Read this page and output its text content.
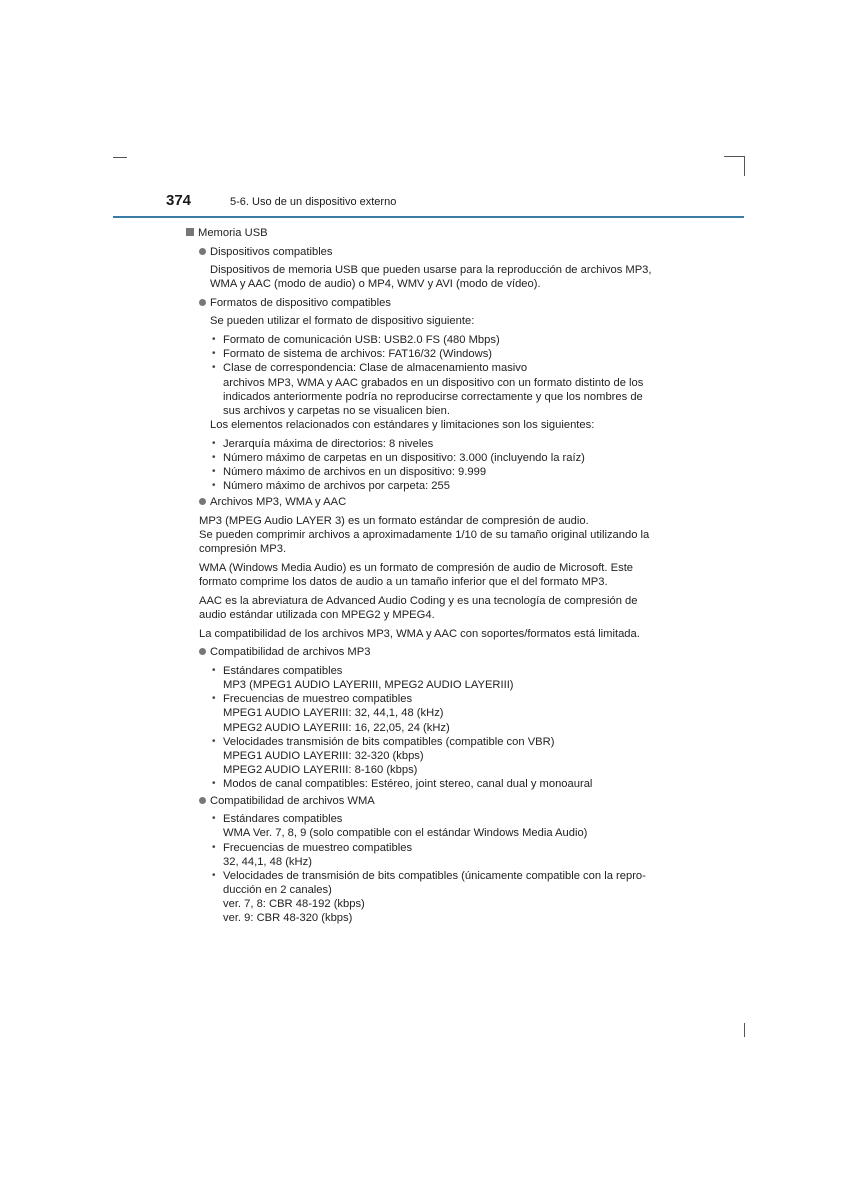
374	5-6. Uso de un dispositivo externo
Memoria USB
Dispositivos compatibles
Dispositivos de memoria USB que pueden usarse para la reproducción de archivos MP3,
WMA y AAC (modo de audio) o MP4, WMV y AVI (modo de vídeo).
Formatos de dispositivo compatibles
Se pueden utilizar el formato de dispositivo siguiente:
• Formato de comunicación USB: USB2.0 FS (480 Mbps)
• Formato de sistema de archivos: FAT16/32 (Windows)
• Clase de correspondencia: Clase de almacenamiento masivo
archivos MP3, WMA y AAC grabados en un dispositivo con un formato distinto de los
indicados anteriormente podría no reproducirse correctamente y que los nombres de
sus archivos y carpetas no se visualicen bien.
Los elementos relacionados con estándares y limitaciones son los siguientes:
• Jerarquía máxima de directorios: 8 niveles
• Número máximo de carpetas en un dispositivo: 3.000 (incluyendo la raíz)
• Número máximo de archivos en un dispositivo: 9.999
• Número máximo de archivos por carpeta: 255
Archivos MP3, WMA y AAC
MP3 (MPEG Audio LAYER 3) es un formato estándar de compresión de audio.
Se pueden comprimir archivos a aproximadamente 1/10 de su tamaño original utilizando la
compresión MP3.
WMA (Windows Media Audio) es un formato de compresión de audio de Microsoft. Este
formato comprime los datos de audio a un tamaño inferior que el del formato MP3.
AAC es la abreviatura de Advanced Audio Coding y es una tecnología de compresión de
audio estándar utilizada con MPEG2 y MPEG4.
La compatibilidad de los archivos MP3, WMA y AAC con soportes/formatos está limitada.
Compatibilidad de archivos MP3
• Estándares compatibles
MP3 (MPEG1 AUDIO LAYERIII, MPEG2 AUDIO LAYERIII)
• Frecuencias de muestreo compatibles
MPEG1 AUDIO LAYERIII: 32, 44,1, 48 (kHz)
MPEG2 AUDIO LAYERIII: 16, 22,05, 24 (kHz)
• Velocidades transmisión de bits compatibles (compatible con VBR)
MPEG1 AUDIO LAYERIII: 32-320 (kbps)
MPEG2 AUDIO LAYERIII: 8-160 (kbps)
• Modos de canal compatibles: Estéreo, joint stereo, canal dual y monoaural
Compatibilidad de archivos WMA
• Estándares compatibles
WMA Ver. 7, 8, 9 (solo compatible con el estándar Windows Media Audio)
• Frecuencias de muestreo compatibles
32, 44,1, 48 (kHz)
• Velocidades de transmisión de bits compatibles (únicamente compatible con la repro-
ducción en 2 canales)
ver. 7, 8: CBR 48-192 (kbps)
ver. 9: CBR 48-320 (kbps)
